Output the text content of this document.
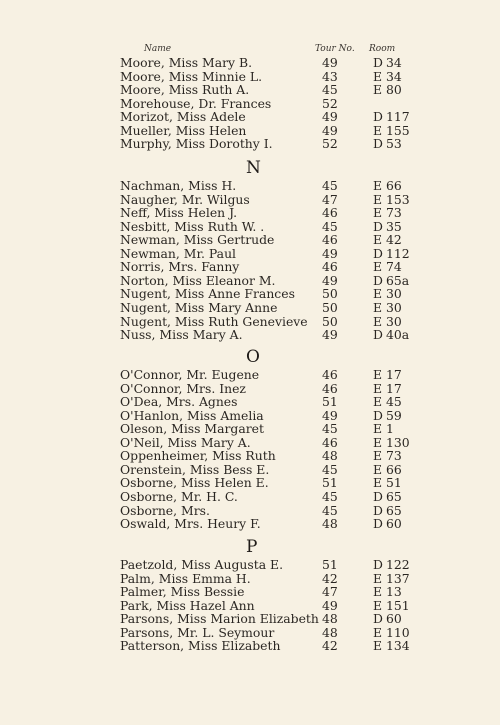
Name	Tour No. Room
Moore, Miss Mary B.	49	D 34
Moore, Miss Minnie L.	43	E 34
Moore, Miss Ruth A.	45	E 80
Morehouse, Dr. Frances	52
Morizot, Miss Adele	49	D 117
Mueller, Miss Helen	49	E 155
Murphy, Miss Dorothy I.	52	D 53
N
Nachman, Miss H.	45	E 66
Naugher, Mr. Wilgus	47	E 153
Neff, Miss Helen J.	46	E 73
Nesbitt, Miss Ruth W. .	45	D 35
Newman, Miss Gertrude	46	E 42
Newman, Mr. Paul	49	D 112
Norris, Mrs. Fanny	46	E 74
Norton, Miss Eleanor M.	49	D 65a
Nugent, Miss Anne Frances 50	E 30
Nugent, Miss Mary Anne	50	E 30
Nugent, Miss Ruth Genevieve 50	E 30
Nuss, Miss Mary A.	49	D 40a
O
O'Connor, Mr. Eugene	46	E 17
O'Connor, Mrs. Inez	46	E 17
O'Dea, Mrs. Agnes	51	E 45
O'Hanlon, Miss Amelia	49	D 59
Oleson, Miss Margaret	45	E 1
O'Neil, Miss Mary A.	46	E 130
Oppenheimer, Miss Ruth	48	E 73
Orenstein, Miss Bess E.	45	E 66
Osborne, Miss Helen E.	51	E 51
Osborne, Mr. H. C.	45	D 65
Osborne, Mrs.	45	D 65
Oswald, Mrs. Heury F.	48	D 60
P
Paetzold, Miss Augusta E.	51	D 122
Palm, Miss Emma H.	42	E 137
Palmer, Miss Bessie	47	E 13
Park, Miss Hazel Ann	49	E 151
Parsons, Miss Marion Elizabeth 48	D 60
Parsons, Mr. L. Seymour	48	E 110
Patterson, Miss Elizabeth	42	E 134
